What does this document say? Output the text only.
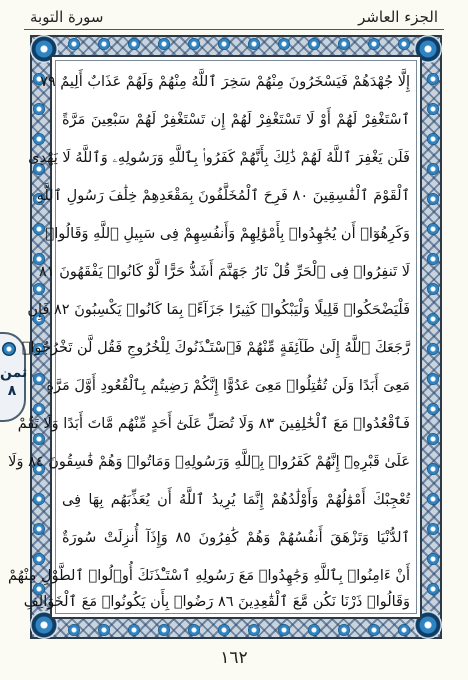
الجزء العاشر
سورة التوبة
ثمن
٨
إِلَّا جُهْدَهُمْ فَيَسْخَرُونَ مِنْهُمْ سَخِرَ ٱللَّهُ مِنْهُمْ وَلَهُمْ عَذَابٌ أَلِيمٌ ٧٩
ٱسْتَغْفِرْ لَهُمْ أَوْ لَا تَسْتَغْفِرْ لَهُمْ إِن تَسْتَغْفِرْ لَهُمْ سَبْعِينَ مَرَّةً
فَلَن يَغْفِرَ ٱللَّهُ لَهُمْ ذَٰلِكَ بِأَنَّهُمْ كَفَرُوا۟ بِٱللَّهِ وَرَسُولِهِۦ وَٱللَّهُ لَا يَهْدِى
ٱلْقَوْمَ ٱلْفَٰسِقِينَ ٨٠ فَرِحَ ٱلْمُخَلَّفُونَ بِمَقْعَدِهِمْ خِلَٰفَ رَسُولِ ٱللَّهِ
وَكَرِهُوٓا۟ أَن يُجَٰهِدُوا۟ بِأَمْوَٰلِهِمْ وَأَنفُسِهِمْ فِى سَبِيلِ ٱللَّهِ وَقَالُوا۟
لَا تَنفِرُوا۟ فِى ٱلْحَرِّ قُلْ نَارُ جَهَنَّمَ أَشَدُّ حَرًّا لَّوْ كَانُوا۟ يَفْقَهُونَ ٨١
فَلْيَضْحَكُوا۟ قَلِيلًا وَلْيَبْكُوا۟ كَثِيرًا جَزَآءًۢ بِمَا كَانُوا۟ يَكْسِبُونَ ٨٢ فَإِن
رَّجَعَكَ ٱللَّهُ إِلَىٰ طَآئِفَةٍ مِّنْهُمْ فَٱسْتَـْٔذَنُوكَ لِلْخُرُوجِ فَقُل لَّن تَخْرُجُوا۟
مَعِىَ أَبَدًا وَلَن تُقَٰتِلُوا۟ مَعِىَ عَدُوًّا إِنَّكُمْ رَضِيتُم بِٱلْقُعُودِ أَوَّلَ مَرَّةٍ
فَٱقْعُدُوا۟ مَعَ ٱلْخَٰلِفِينَ ٨٣ وَلَا تُصَلِّ عَلَىٰٓ أَحَدٍ مِّنْهُم مَّاتَ أَبَدًا وَلَا تَقُمْ
عَلَىٰ قَبْرِهِۦٓ إِنَّهُمْ كَفَرُوا۟ بِٱللَّهِ وَرَسُولِهِۦ وَمَاتُوا۟ وَهُمْ فَٰسِقُونَ ٨٤ وَلَا
تُعْجِبْكَ أَمْوَٰلُهُمْ وَأَوْلَٰدُهُمْ إِنَّمَا يُرِيدُ ٱللَّهُ أَن يُعَذِّبَهُم بِهَا فِى
ٱلدُّنْيَا وَتَزْهَقَ أَنفُسُهُمْ وَهُمْ كَٰفِرُونَ ٨٥ وَإِذَآ أُنزِلَتْ سُورَةٌ
أَنْ ءَامِنُوا۟ بِٱللَّهِ وَجَٰهِدُوا۟ مَعَ رَسُولِهِ ٱسْتَـْٔذَنَكَ أُو۟لُوا۟ ٱلطَّوْلِ مِنْهُمْ
وَقَالُوا۟ ذَرْنَا نَكُن مَّعَ ٱلْقَٰعِدِينَ ٨٦ رَضُوا۟ بِأَن يَكُونُوا۟ مَعَ ٱلْخَوَالِفِ
١٦٢
